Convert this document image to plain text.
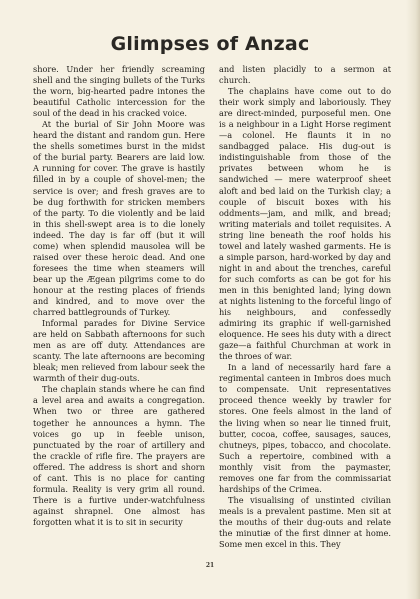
Glimpses of Anzac

shore. Under her friendly screaming shell and the singing bullets of the Turks the worn, big-hearted padre intones the beautiful Catholic intercession for the soul of the dead in his cracked voice.

At the burial of Sir John Moore was heard the distant and random gun. Here the shells sometimes burst in the midst of the burial party. Bearers are laid low. A running for cover. The grave is hastily filled in by a couple of shovel-men; the service is over; and fresh graves are to be dug forthwith for stricken members of the party. To die violently and be laid in this shell-swept area is to die lonely indeed. The day is far off (but it will come) when splendid mausolea will be raised over these heroic dead. And one foresees the time when steamers will bear up the Ægean pilgrims come to do honour at the resting places of friends and kindred, and to move over the charred battlegrounds of Turkey.

Informal parades for Divine Service are held on Sabbath afternoons for such men as are off duty. Attendances are scanty. The late afternoons are becoming bleak; men relieved from labour seek the warmth of their dug-outs.

The chaplain stands where he can find a level area and awaits a congregation. When two or three are gathered together he announces a hymn. The voices go up in feeble unison, punctuated by the roar of artillery and the crackle of rifle fire. The prayers are offered. The address is short and shorn of cant. This is no place for canting formula. Reality is very grim all round. There is a furtive under-watchfulness against shrapnel. One almost has forgotten what it is to sit in security

and listen placidly to a sermon at church.

The chaplains have come out to do their work simply and laboriously. They are direct-minded, purposeful men. One is a neighbour in a Light Horse regiment—a colonel. He flaunts it in no sandbagged palace. His dug-out is indistinguishable from those of the privates between whom he is sandwiched — mere waterproof sheet aloft and bed laid on the Turkish clay; a couple of biscuit boxes with his oddments—jam, and milk, and bread; writing materials and toilet requisites. A string line beneath the roof holds his towel and lately washed garments. He is a simple parson, hard-worked by day and night in and about the trenches, careful for such comforts as can be got for his men in this benighted land; lying down at nights listening to the forceful lingo of his neighbours, and confessedly admiring its graphic if well-garnished eloquence. He sees his duty with a direct gaze—a faithful Churchman at work in the throes of war.

In a land of necessarily hard fare a regimental canteen in Imbros does much to compensate. Unit representatives proceed thence weekly by trawler for stores. One feels almost in the land of the living when so near lie tinned fruit, butter, cocoa, coffee, sausages, sauces, chutneys, pipes, tobacco, and chocolate. Such a repertoire, combined with a monthly visit from the paymaster, removes one far from the commissariat hardships of the Crimea.

The visualising of unstinted civilian meals is a prevalent pastime. Men sit at the mouths of their dug-outs and relate the minutiæ of the first dinner at home. Some men excel in this. They

21
